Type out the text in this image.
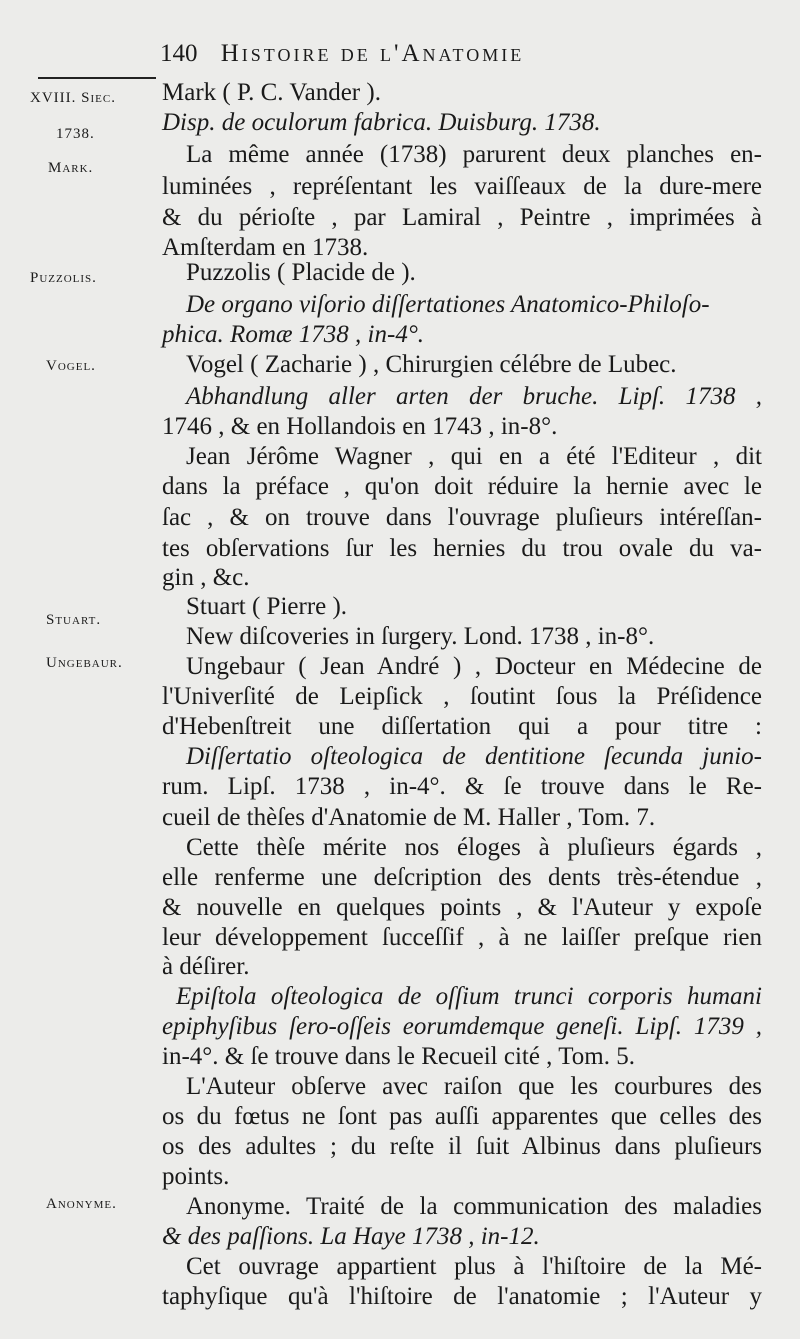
140 Histoire de l'Anatomie
XVIII. Siec.
1738.
Mark.
Puzzolis.
Vogel.
Stuart.
Ungebaur.
Anonyme.
Mark ( P. C. Vander ).
Disp. de oculorum fabrica. Duisburg. 1738.
La même année (1738) parurent deux planches en-
luminées , repréſentant les vaiſſeaux de la dure-mere
& du périoſte , par Lamiral , Peintre , imprimées à
Amſterdam en 1738.
Puzzolis ( Placide de ).
De organo viſorio diſſertationes Anatomico-Philoſo-
phica. Romæ 1738 , in-4°.
Vogel ( Zacharie ) , Chirurgien célébre de Lubec.
Abhandlung aller arten der bruche. Lipſ. 1738 ,
1746 , & en Hollandois en 1743 , in-8°.
Jean Jérôme Wagner , qui en a été l'Editeur , dit
dans la préface , qu'on doit réduire la hernie avec le
ſac , & on trouve dans l'ouvrage pluſieurs intéreſſan-
tes obſervations ſur les hernies du trou ovale du va-
gin , &c.
Stuart ( Pierre ).
New diſcoveries in ſurgery. Lond. 1738 , in-8°.
Ungebaur ( Jean André ) , Docteur en Médecine de
l'Univerſité de Leipſick , ſoutint ſous la Préſidence
d'Hebenſtreit une diſſertation qui a pour titre :
Diſſertatio oſteologica de dentitione ſecunda junio-
rum. Lipſ. 1738 , in-4°. & ſe trouve dans le Re-
cueil de thèſes d'Anatomie de M. Haller , Tom. 7.
Cette thèſe mérite nos éloges à pluſieurs égards ,
elle renferme une deſcription des dents très-étendue ,
& nouvelle en quelques points , & l'Auteur y expoſe
leur développement ſucceſſif , à ne laiſſer preſque rien
à déſirer.
Epiſtola oſteologica de oſſium trunci corporis humani
epiphyſibus ſero-oſſeis eorumdemque geneſi. Lipſ. 1739 ,
in-4°. & ſe trouve dans le Recueil cité , Tom. 5.
L'Auteur obſerve avec raiſon que les courbures des
os du fœtus ne ſont pas auſſi apparentes que celles des
os des adultes ; du reſte il ſuit Albinus dans pluſieurs
points.
Anonyme. Traité de la communication des maladies
& des paſſions. La Haye 1738 , in-12.
Cet ouvrage appartient plus à l'hiſtoire de la Mé-
taphyſique qu'à l'hiſtoire de l'anatomie ; l'Auteur y
